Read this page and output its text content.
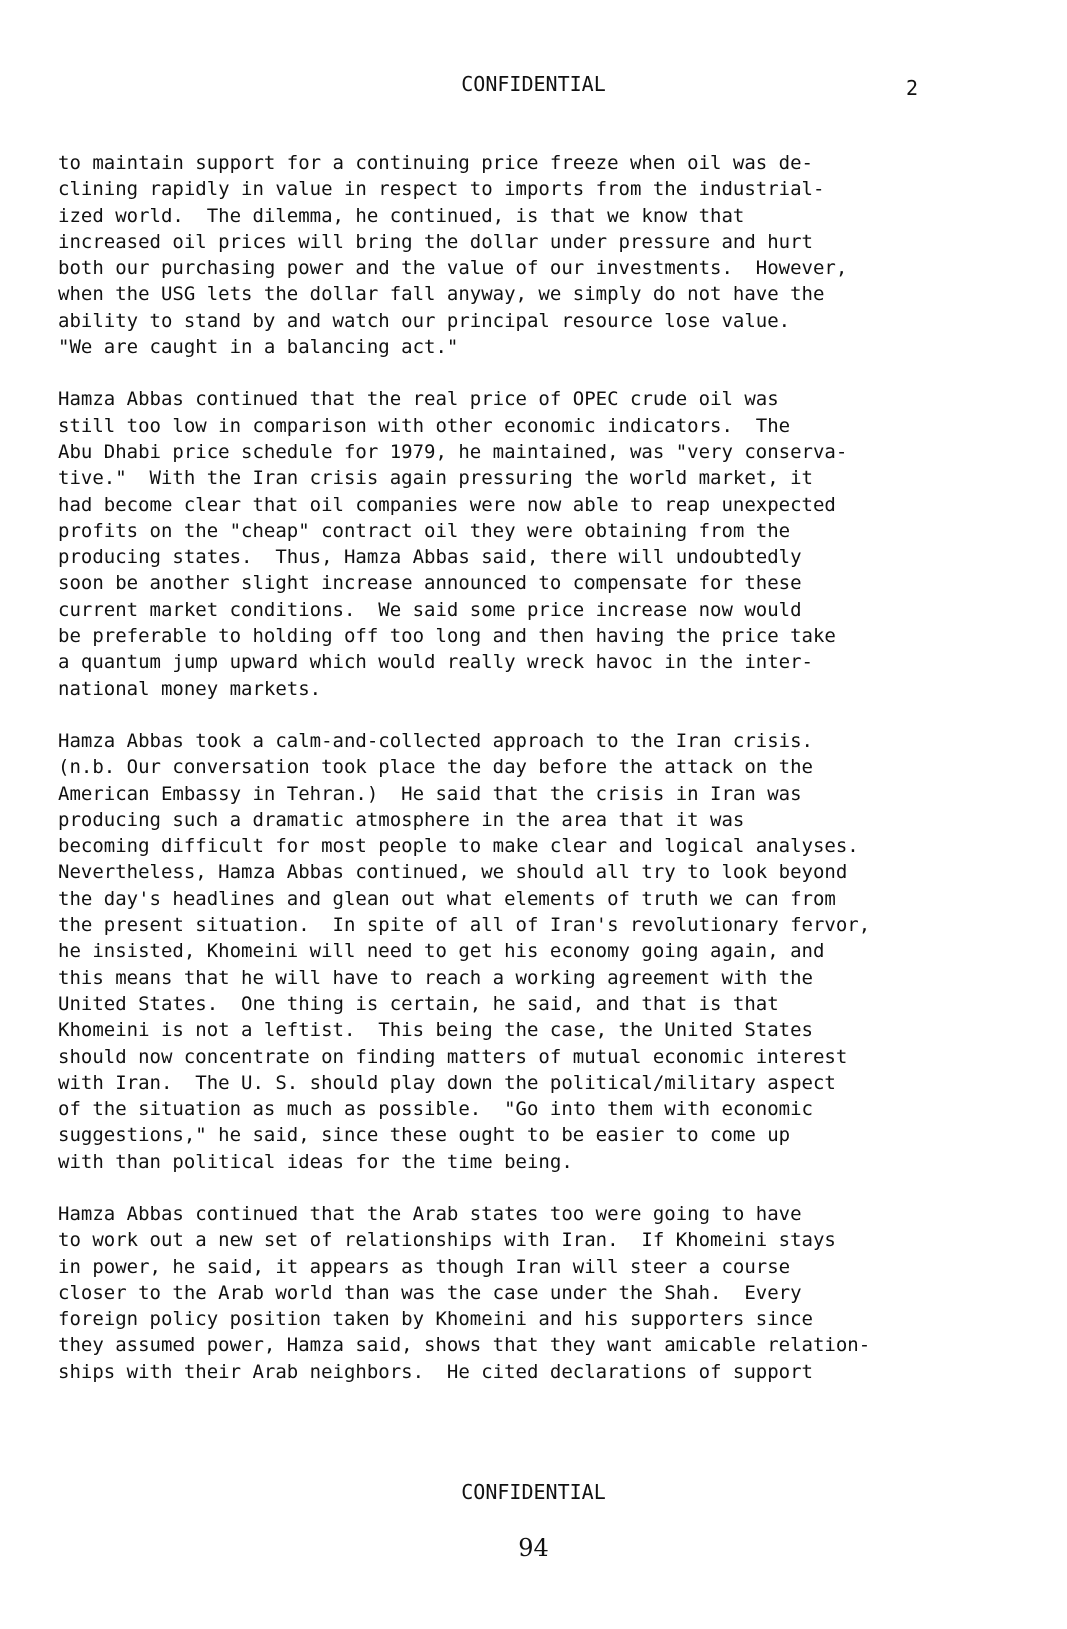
CONFIDENTIAL	2
to maintain support for a continuing price freeze when oil was de-
clining rapidly in value in respect to imports from the industrial-
ized world.  The dilemma, he continued, is that we know that
increased oil prices will bring the dollar under pressure and hurt
both our purchasing power and the value of our investments.  However,
when the USG lets the dollar fall anyway, we simply do not have the
ability to stand by and watch our principal resource lose value.
"We are caught in a balancing act."
Hamza Abbas continued that the real price of OPEC crude oil was
still too low in comparison with other economic indicators.  The
Abu Dhabi price schedule for 1979, he maintained, was "very conserva-
tive."  With the Iran crisis again pressuring the world market, it
had become clear that oil companies were now able to reap unexpected
profits on the "cheap" contract oil they were obtaining from the
producing states.  Thus, Hamza Abbas said, there will undoubtedly
soon be another slight increase announced to compensate for these
current market conditions.  We said some price increase now would
be preferable to holding off too long and then having the price take
a quantum jump upward which would really wreck havoc in the inter-
national money markets.
Hamza Abbas took a calm-and-collected approach to the Iran crisis.
(n.b. Our conversation took place the day before the attack on the
American Embassy in Tehran.)  He said that the crisis in Iran was
producing such a dramatic atmosphere in the area that it was
becoming difficult for most people to make clear and logical analyses.
Nevertheless, Hamza Abbas continued, we should all try to look beyond
the day's headlines and glean out what elements of truth we can from
the present situation.  In spite of all of Iran's revolutionary fervor,
he insisted, Khomeini will need to get his economy going again, and
this means that he will have to reach a working agreement with the
United States.  One thing is certain, he said, and that is that
Khomeini is not a leftist.  This being the case, the United States
should now concentrate on finding matters of mutual economic interest
with Iran.  The U. S. should play down the political/military aspect
of the situation as much as possible.  "Go into them with economic
suggestions," he said, since these ought to be easier to come up
with than political ideas for the time being.
Hamza Abbas continued that the Arab states too were going to have
to work out a new set of relationships with Iran.  If Khomeini stays
in power, he said, it appears as though Iran will steer a course
closer to the Arab world than was the case under the Shah.  Every
foreign policy position taken by Khomeini and his supporters since
they assumed power, Hamza said, shows that they want amicable relation-
ships with their Arab neighbors.  He cited declarations of support
CONFIDENTIAL
94
